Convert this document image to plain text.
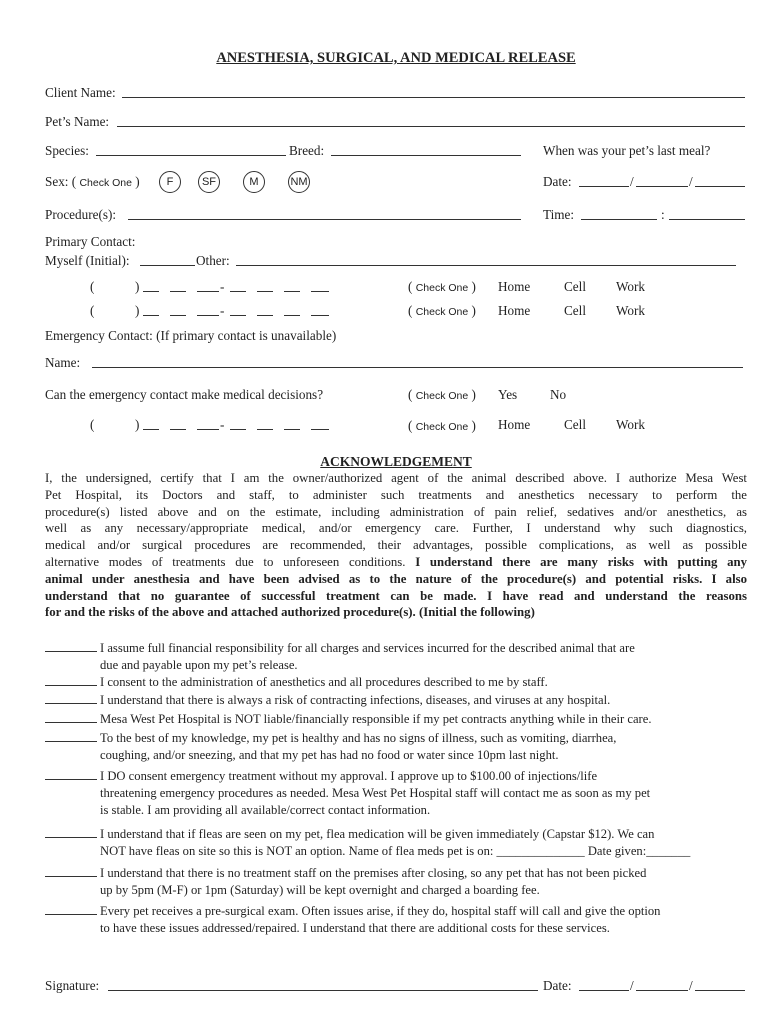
ANESTHESIA, SURGICAL, AND MEDICAL RELEASE
Client Name:
Pet’s Name:
Species:	Breed:	When was your pet’s last meal?
Sex: ( Check One )	F	SF	M	NM	Date:	/	/
Procedure(s):	Time:	:
Primary Contact:
Myself (Initial):	Other:
(	)	-	( Check One ) Home	Cell Work
(	)	-	( Check One ) Home	Cell Work
Emergency Contact: (If primary contact is unavailable)
Name:
Can the emergency contact make medical decisions?	( Check One ) Yes No
(	)	-	( Check One ) Home	Cell Work
ACKNOWLEDGEMENT
I, the undersigned, certify that I am the owner/authorized agent of the animal described above. I authorize Mesa West
Pet Hospital, its Doctors and staff, to administer such treatments and anesthetics necessary to perform the
procedure(s) listed above and on the estimate, including administration of pain relief, sedatives and/or anesthetics, as
well as any necessary/appropriate medical, and/or emergency care. Further, I understand why such diagnostics,
medical and/or surgical procedures are recommended, their advantages, possible complications, as well as possible
alternative modes of treatments due to unforeseen conditions. I understand there are many risks with putting any
animal under anesthesia and have been advised as to the nature of the procedure(s) and potential risks. I also
understand that no guarantee of successful treatment can be made. I have read and understand the reasons
for and the risks of the above and attached authorized procedure(s). (Initial the following)
I assume full financial responsibility for all charges and services incurred for the described animal that are
due and payable upon my pet’s release.
I consent to the administration of anesthetics and all procedures described to me by staff.
I understand that there is always a risk of contracting infections, diseases, and viruses at any hospital.
Mesa West Pet Hospital is NOT liable/financially responsible if my pet contracts anything while in their care.
To the best of my knowledge, my pet is healthy and has no signs of illness, such as vomiting, diarrhea,
coughing, and/or sneezing, and that my pet has had no food or water since 10pm last night.
I DO consent emergency treatment without my approval. I approve up to $100.00 of injections/life
threatening emergency procedures as needed. Mesa West Pet Hospital staff will contact me as soon as my pet
is stable. I am providing all available/correct contact information.
I understand that if fleas are seen on my pet, flea medication will be given immediately (Capstar $12). We can
NOT have fleas on site so this is NOT an option. Name of flea meds pet is on: ______________ Date given:_______
I understand that there is no treatment staff on the premises after closing, so any pet that has not been picked
up by 5pm (M-F) or 1pm (Saturday) will be kept overnight and charged a boarding fee.
Every pet receives a pre-surgical exam. Often issues arise, if they do, hospital staff will call and give the option
to have these issues addressed/repaired. I understand that there are additional costs for these services.
Signature:	Date:	/	/
